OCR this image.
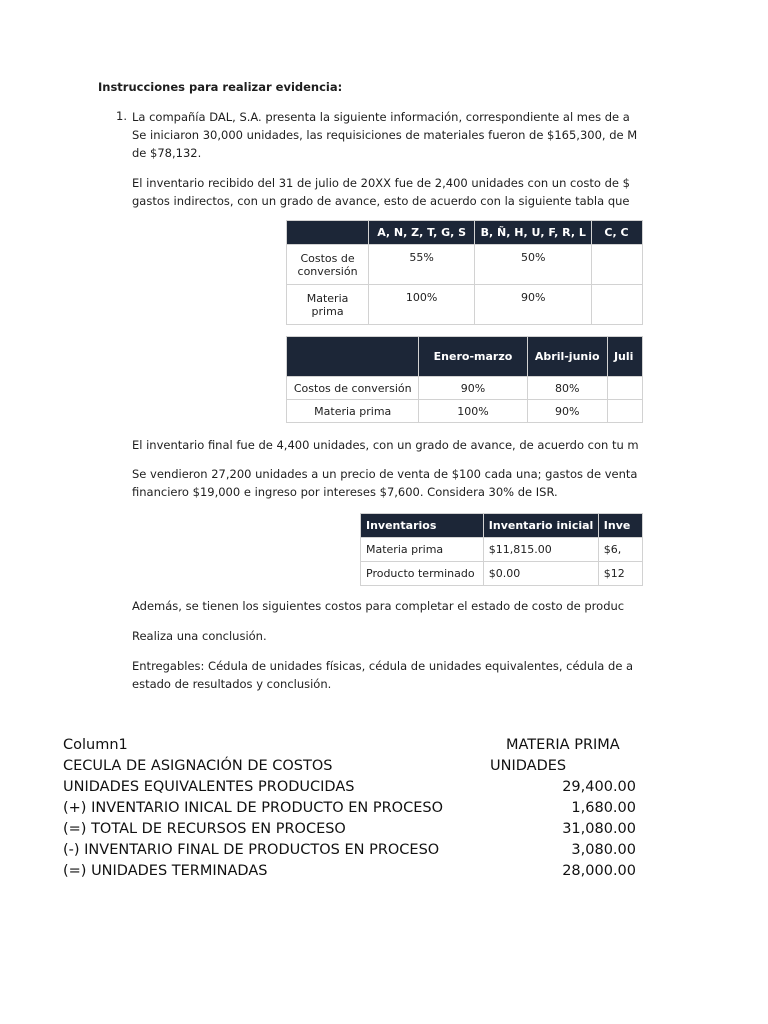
Instrucciones para realizar evidencia:
1. La compañía DAL, S.A. presenta la siguiente información, correspondiente al mes de a
Se iniciaron 30,000 unidades, las requisiciones de materiales fueron de $165,300, de M
de $78,132.
El inventario recibido del 31 de julio de 20XX fue de 2,400 unidades con un costo de $
gastos indirectos, con un grado de avance, esto de acuerdo con la siguiente tabla que
	A, N, Z, T, G, S	B, Ñ, H, U, F, R, L	C, C
Costos de conversión	55%	50%	
Materia prima	100%	90%	
	Enero-marzo	Abril-junio	Juli
Costos de conversión	90%	80%	
Materia prima	100%	90%	
El inventario final fue de 4,400 unidades, con un grado de avance, de acuerdo con tu m
Se vendieron 27,200 unidades a un precio de venta de $100 cada una; gastos de venta
financiero $19,000 e ingreso por intereses $7,600. Considera 30% de ISR.
Inventarios	Inventario inicial	Inve
Materia prima	$11,815.00	$6,
Producto terminado	$0.00	$12
Además, se tienen los siguientes costos para completar el estado de costo de produc
Realiza una conclusión.
Entregables: Cédula de unidades físicas, cédula de unidades equivalentes, cédula de a
estado de resultados y conclusión.
Column1	MATERIA PRIMA
CECULA DE ASIGNACIÓN DE COSTOS	UNIDADES
UNIDADES EQUIVALENTES PRODUCIDAS	29,400.00
(+) INVENTARIO INICAL DE PRODUCTO EN PROCESO	1,680.00
(=) TOTAL DE RECURSOS EN PROCESO	31,080.00
(-) INVENTARIO FINAL DE PRODUCTOS EN PROCESO	3,080.00
(=) UNIDADES TERMINADAS	28,000.00
